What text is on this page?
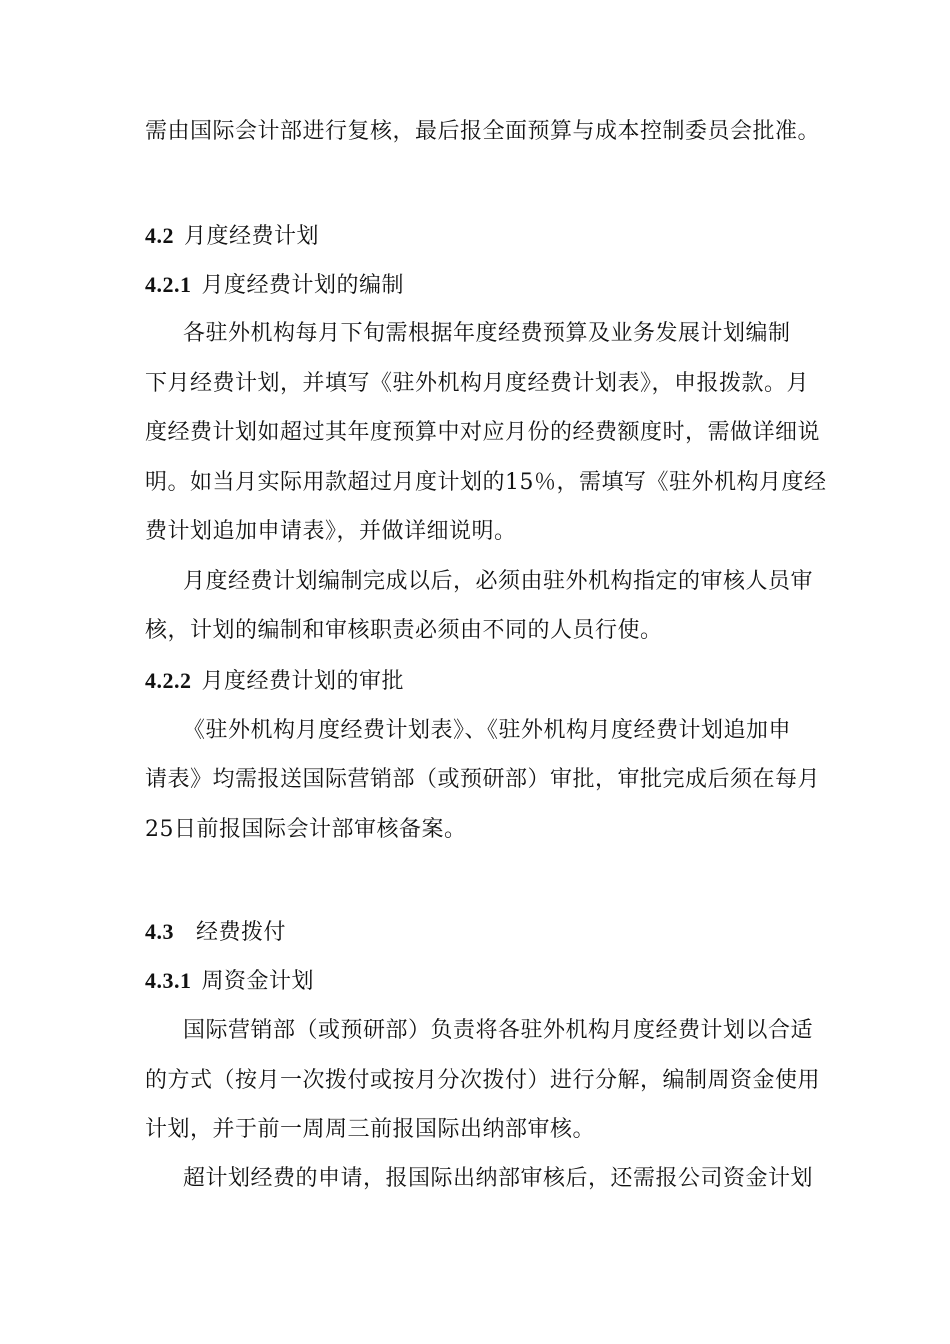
需由国际会计部进行复核，最后报全面预算与成本控制委员会批准。
4.2 月度经费计划
4.2.1 月度经费计划的编制
各驻外机构每月下旬需根据年度经费预算及业务发展计划编制
下月经费计划，并填写《驻外机构月度经费计划表》，申报拨款。月
度经费计划如超过其年度预算中对应月份的经费额度时，需做详细说
明。如当月实际用款超过月度计划的15％，需填写《驻外机构月度经
费计划追加申请表》，并做详细说明。
月度经费计划编制完成以后，必须由驻外机构指定的审核人员审
核，计划的编制和审核职责必须由不同的人员行使。
4.2.2 月度经费计划的审批
《驻外机构月度经费计划表》、《驻外机构月度经费计划追加申
请表》均需报送国际营销部（或预研部）审批，审批完成后须在每月
25日前报国际会计部审核备案。
4.3 经费拨付
4.3.1 周资金计划
国际营销部（或预研部）负责将各驻外机构月度经费计划以合适
的方式（按月一次拨付或按月分次拨付）进行分解，编制周资金使用
计划，并于前一周周三前报国际出纳部审核。
超计划经费的申请，报国际出纳部审核后，还需报公司资金计划
